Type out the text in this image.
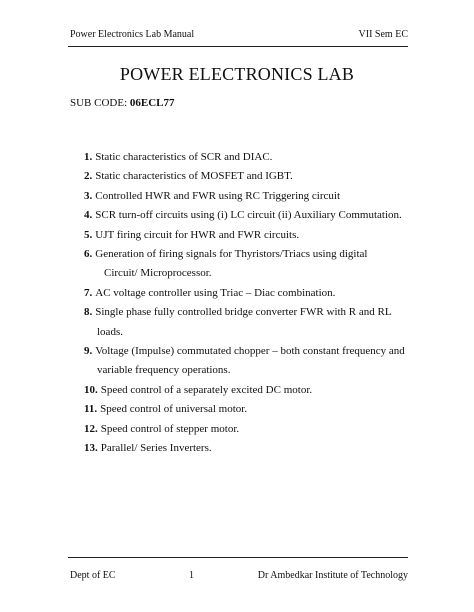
Power Electronics Lab Manual	VII Sem EC
POWER ELECTRONICS LAB
SUB CODE: 06ECL77
1. Static characteristics of SCR and DIAC.
2. Static characteristics of MOSFET and IGBT.
3. Controlled HWR and FWR using RC Triggering circuit
4. SCR turn-off circuits using (i) LC circuit (ii) Auxiliary Commutation.
5. UJT firing circuit for HWR and FWR circuits.
6. Generation of firing signals for Thyristors/Triacs using digital
Circuit/ Microprocessor.
7. AC voltage controller using Triac – Diac combination.
8. Single phase fully controlled bridge converter FWR with R and RL
loads.
9. Voltage (Impulse) commutated chopper – both constant frequency and
variable frequency operations.
10. Speed control of a separately excited DC motor.
11. Speed control of universal motor.
12. Speed control of stepper motor.
13. Parallel/ Series Inverters.
Dept of EC	1	Dr Ambedkar Institute of Technology
